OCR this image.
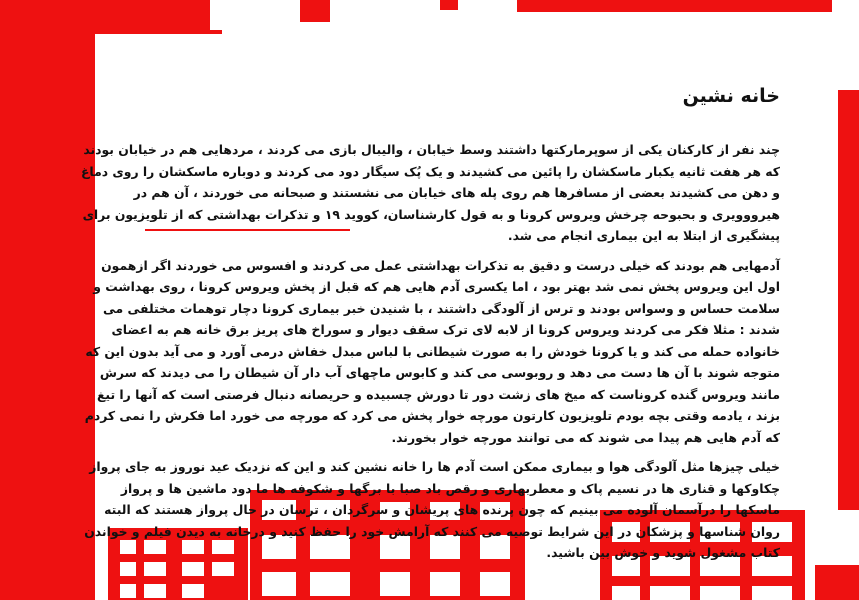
خانه نشین

چند نفر از کارکنان یکی از سوپرمارکتها داشتند وسط خیابان ، والیبال بازی می کردند ، مردهایی هم در خیابان بودند که هر هفت ثانیه یکبار ماسکشان را پائین می کشیدند و یک پُک سیگار دود می کردند و دوباره ماسکشان را روی دماغ و دهن می کشیدند بعضی از مسافرها هم روی پله های خیابان می نشستند و صبحانه می خوردند ، آن هم در هیرووویری و بحبوحه چرخش ویروس کرونا و به قول کارشناسان، کووید ۱۹ و تذکرات بهداشتی که از تلویزیون برای پیشگیری از ابتلا به این بیماری انجام می شد.

آدمهایی هم بودند که خیلی درست و دقیق به تذکرات بهداشتی عمل می کردند و افسوس می خوردند اگر ازهمون اول این ویروس پخش نمی شد بهتر بود ، اما یکسری آدم هایی هم که قبل از پخش ویروس کرونا ، روی بهداشت و سلامت حساس و وسواس بودند و ترس از آلودگی داشتند ، با شنیدن خبر بیماری کرونا دچار توهمات مختلفی می شدند : مثلا فکر می کردند ویروس کرونا از لابه لای ترک سقف دیوار و سوراخ های پریز برق خانه هم به اعضای خانواده حمله می کند و یا کرونا خودش را به صورت شیطانی با لباس مبدل خفاش درمی آورد و می آید بدون این که متوجه شوند با آن ها دست می دهد و روبوسی می کند و کابوس ماچهای آب دار آن شیطان را می دیدند که سرش مانند ویروس گنده کروناست که میخ های زشت دور تا دورش چسبیده و حریصانه دنبال فرصتی است که آنها را تیغ بزند ، یادمه وقتی بچه بودم تلویزیون کارتون مورچه خوار پخش می کرد که مورچه می خورد اما فکرش را نمی کردم که آدم هایی هم پیدا می شوند که می توانند مورچه خوار بخورند.

خیلی چیزها مثل آلودگی هوا و بیماری ممکن است آدم ها را خانه نشین کند و این که نزدیک عید نوروز به جای پرواز چکاوکها و قناری ها در نسیم پاک و معطربهاری و رقص باد صبا با برگها و شکوفه ها ما دود ماشین ها و پرواز ماسکها را درآسمان آلوده می بینیم که چون پرنده های پریشان و سرگردان ، ترسان در حال پرواز هستند که البته روان شناسها و پزشکان در این شرایط توصیه می کنند که آرامش خود را حفظ کنید و درخانه به دیدن فیلم و خواندن کتاب مشغول شوید و خوش بین باشید.
